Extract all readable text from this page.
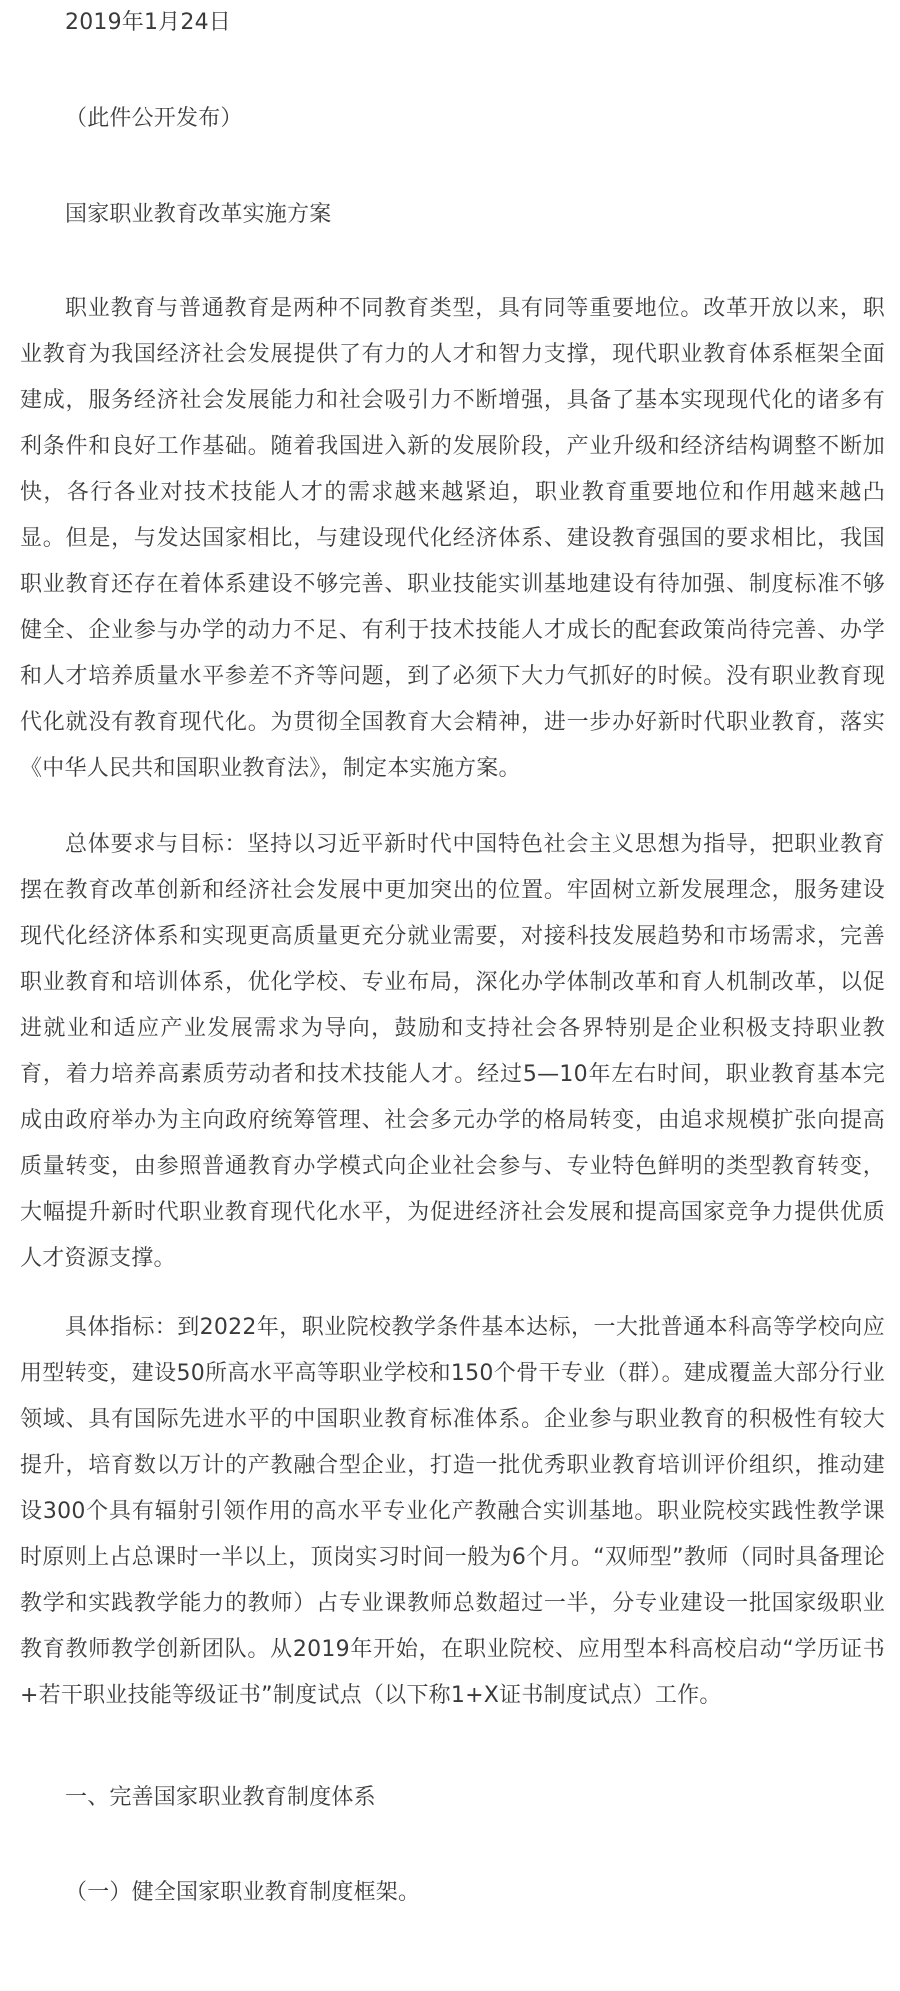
2019年1月24日

（此件公开发布）

国家职业教育改革实施方案

职业教育与普通教育是两种不同教育类型，具有同等重要地位。改革开放以来，职业教育为我国经济社会发展提供了有力的人才和智力支撑，现代职业教育体系框架全面建成，服务经济社会发展能力和社会吸引力不断增强，具备了基本实现现代化的诸多有利条件和良好工作基础。随着我国进入新的发展阶段，产业升级和经济结构调整不断加快，各行各业对技术技能人才的需求越来越紧迫，职业教育重要地位和作用越来越凸显。但是，与发达国家相比，与建设现代化经济体系、建设教育强国的要求相比，我国职业教育还存在着体系建设不够完善、职业技能实训基地建设有待加强、制度标准不够健全、企业参与办学的动力不足、有利于技术技能人才成长的配套政策尚待完善、办学和人才培养质量水平参差不齐等问题，到了必须下大力气抓好的时候。没有职业教育现代化就没有教育现代化。为贯彻全国教育大会精神，进一步办好新时代职业教育，落实《中华人民共和国职业教育法》，制定本实施方案。

总体要求与目标：坚持以习近平新时代中国特色社会主义思想为指导，把职业教育摆在教育改革创新和经济社会发展中更加突出的位置。牢固树立新发展理念，服务建设现代化经济体系和实现更高质量更充分就业需要，对接科技发展趋势和市场需求，完善职业教育和培训体系，优化学校、专业布局，深化办学体制改革和育人机制改革，以促进就业和适应产业发展需求为导向，鼓励和支持社会各界特别是企业积极支持职业教育，着力培养高素质劳动者和技术技能人才。经过5—10年左右时间，职业教育基本完成由政府举办为主向政府统筹管理、社会多元办学的格局转变，由追求规模扩张向提高质量转变，由参照普通教育办学模式向企业社会参与、专业特色鲜明的类型教育转变，大幅提升新时代职业教育现代化水平，为促进经济社会发展和提高国家竞争力提供优质人才资源支撑。

具体指标：到2022年，职业院校教学条件基本达标，一大批普通本科高等学校向应用型转变，建设50所高水平高等职业学校和150个骨干专业（群）。建成覆盖大部分行业领域、具有国际先进水平的中国职业教育标准体系。企业参与职业教育的积极性有较大提升，培育数以万计的产教融合型企业，打造一批优秀职业教育培训评价组织，推动建设300个具有辐射引领作用的高水平专业化产教融合实训基地。职业院校实践性教学课时原则上占总课时一半以上，顶岗实习时间一般为6个月。“双师型”教师（同时具备理论教学和实践教学能力的教师）占专业课教师总数超过一半，分专业建设一批国家级职业教育教师教学创新团队。从2019年开始，在职业院校、应用型本科高校启动“学历证书+若干职业技能等级证书”制度试点（以下称1+X证书制度试点）工作。

一、完善国家职业教育制度体系

（一）健全国家职业教育制度框架。
